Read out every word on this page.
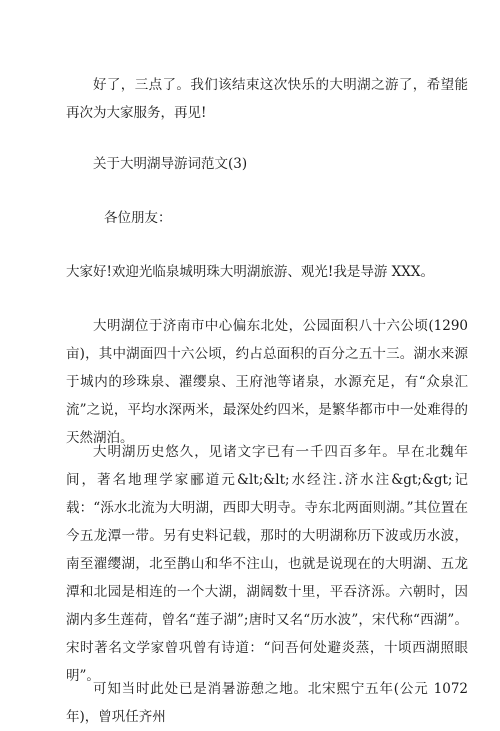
好了，三点了。我们该结束这次快乐的大明湖之游了，希望能再次为大家服务，再见!

关于大明湖导游词范文(3)

各位朋友：

大家好!欢迎光临泉城明珠大明湖旅游、观光!我是导游 XXX。

大明湖位于济南市中心偏东北处，公园面积八十六公顷(1290 亩)，其中湖面四十六公顷，约占总面积的百分之五十三。湖水来源于城内的珍珠泉、濯缨泉、王府池等诸泉，水源充足，有“众泉汇流”之说，平均水深两米，最深处约四米，是繁华都市中一处难得的天然湖泊。

大明湖历史悠久，见诸文字已有一千四百多年。早在北魏年间，著名地理学家郦道元&lt;&lt;水经注.济水注&gt;&gt;记载：“泺水北流为大明湖，西即大明寺。寺东北两面则湖。”其位置在今五龙潭一带。另有史料记载，那时的大明湖称历下波或历水波，南至濯缨湖，北至鹊山和华不注山，也就是说现在的大明湖、五龙潭和北园是相连的一个大湖，湖阔数十里，平吞济泺。六朝时，因湖内多生莲荷，曾名“莲子湖”;唐时又名“历水波”，宋代称“西湖”。宋时著名文学家曾巩曾有诗道：“问吾何处避炎蒸，十顷西湖照眼明”。

可知当时此处已是消暑游憩之地。北宋熙宁五年(公元 1072 年)，曾巩任齐州
